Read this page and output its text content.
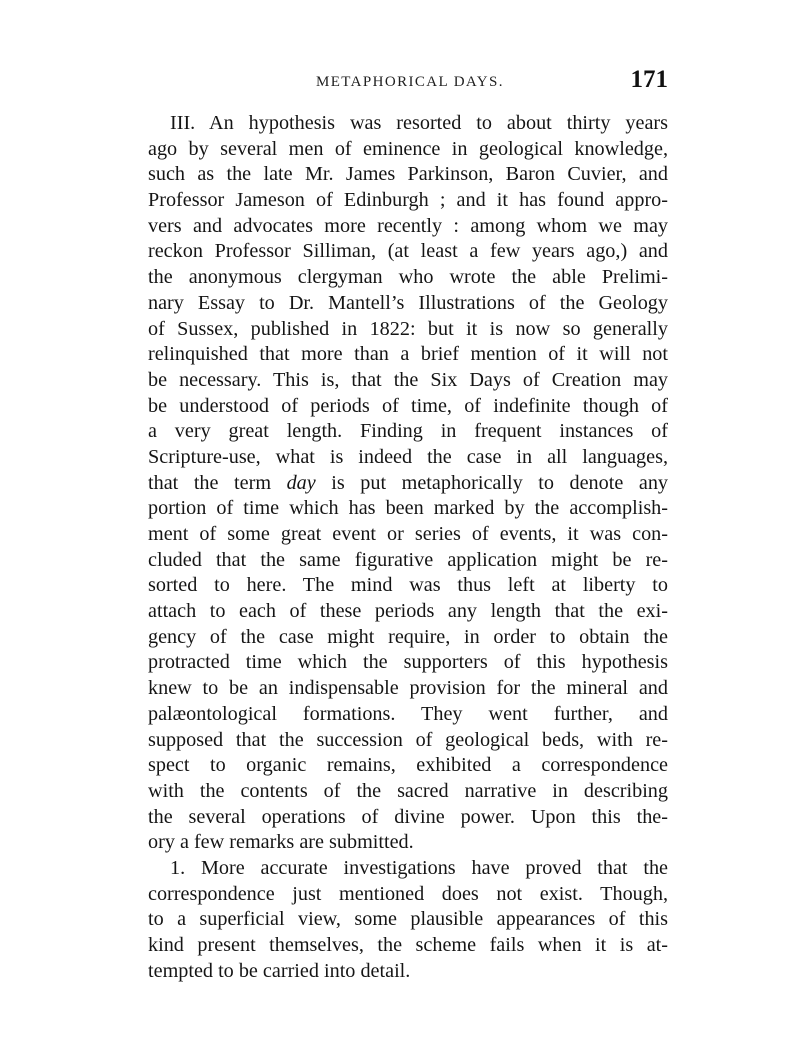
METAPHORICAL DAYS.	171
III. An hypothesis was resorted to about thirty years
ago by several men of eminence in geological knowledge,
such as the late Mr. James Parkinson, Baron Cuvier, and
Professor Jameson of Edinburgh ; and it has found appro-
vers and advocates more recently : among whom we may
reckon Professor Silliman, (at least a few years ago,) and
the anonymous clergyman who wrote the able Prelimi-
nary Essay to Dr. Mantell’s Illustrations of the Geology
of Sussex, published in 1822: but it is now so generally
relinquished that more than a brief mention of it will not
be necessary. This is, that the Six Days of Creation may
be understood of periods of time, of indefinite though of
a very great length. Finding in frequent instances of
Scripture-use, what is indeed the case in all languages,
that the term day is put metaphorically to denote any
portion of time which has been marked by the accomplish-
ment of some great event or series of events, it was con-
cluded that the same figurative application might be re-
sorted to here. The mind was thus left at liberty to
attach to each of these periods any length that the exi-
gency of the case might require, in order to obtain the
protracted time which the supporters of this hypothesis
knew to be an indispensable provision for the mineral and
palæontological formations. They went further, and
supposed that the succession of geological beds, with re-
spect to organic remains, exhibited a correspondence
with the contents of the sacred narrative in describing
the several operations of divine power. Upon this the-
ory a few remarks are submitted.
1. More accurate investigations have proved that the
correspondence just mentioned does not exist. Though,
to a superficial view, some plausible appearances of this
kind present themselves, the scheme fails when it is at-
tempted to be carried into detail.
